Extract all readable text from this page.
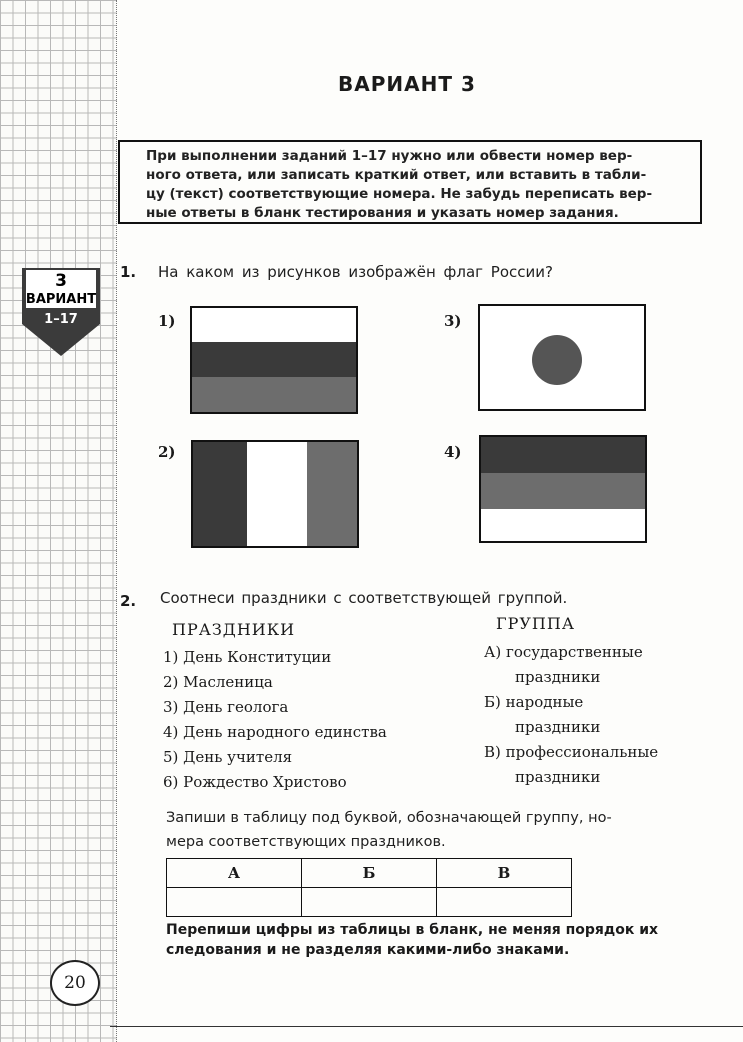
3
ВАРИАНТ
1–17
ВАРИАНТ 3

При выполнении заданий 1–17 нужно или обвести номер вер-

ного ответа, или записать краткий ответ, или вставить в табли-

цу (текст) соответствующие номера. Не забудь переписать вер-

ные ответы в бланк тестирования и указать номер задания.

1. На каком из рисунков изображён флаг России?
1)
2)
3)
4)
2. Соотнеси праздники с соответствующей группой.
ПРАЗДНИКИ	ГРУППА
1) День Конституции
2) Масленица
3) День геолога
4) День народного единства
5) День учителя
6) Рождество Христово
А) государственные
праздники
Б) народные
праздники
В) профессиональные
праздники
Запиши в таблицу под буквой, обозначающей группу, но-
мера соответствующих праздников.
А	Б	В

Перепиши цифры из таблицы в бланк, не меняя порядок их
следования и не разделяя какими-либо знаками.
20
